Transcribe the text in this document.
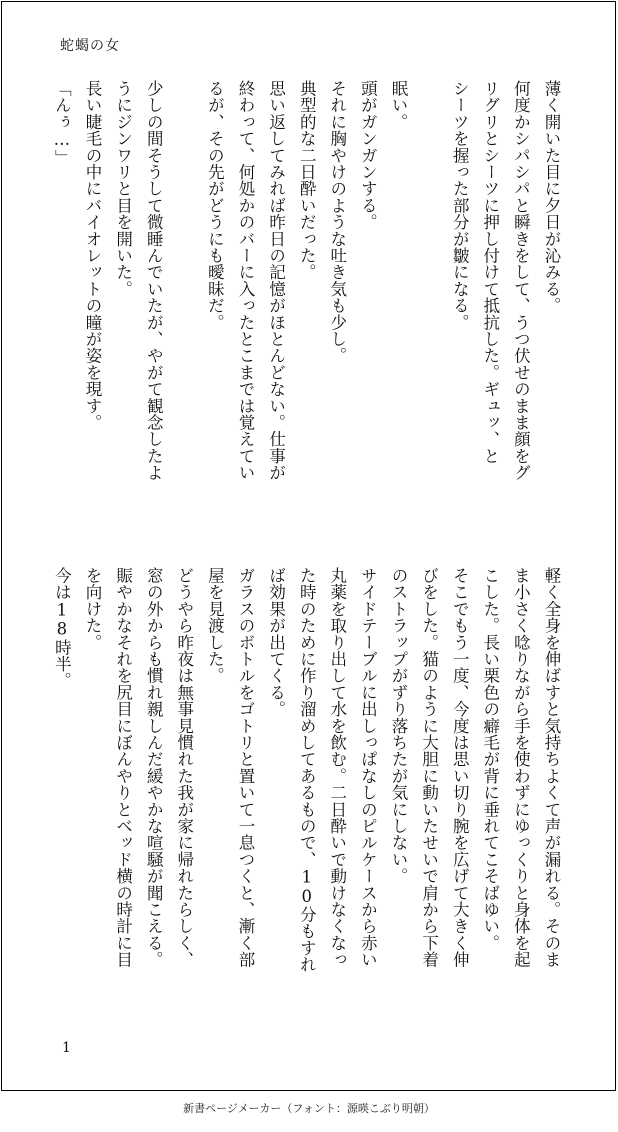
蛇蝎の女
薄く開いた目に夕日が沁みる。
何度かシパシパと瞬きをして、うつ伏せのまま顔をグ
リグリとシーツに押し付けて抵抗した。ギュッ、と
シーツを握った部分が皺になる。
眠い。
頭がガンガンする。
それに胸やけのような吐き気も少し。
典型的な二日酔いだった。
思い返してみれば昨日の記憶がほとんどない。仕事が
終わって、何処かのバーに入ったとこまでは覚えてい
るが、その先がどうにも曖昧だ。
少しの間そうして微睡んでいたが、やがて観念したよ
うにジンワリと目を開いた。
長い睫毛の中にバイオレットの瞳が姿を現す。
「んぅ…」
軽く全身を伸ばすと気持ちよくて声が漏れる。そのま
ま小さく唸りながら手を使わずにゆっくりと身体を起
こした。長い栗色の癖毛が背に垂れてこそばゆい。
そこでもう一度、今度は思い切り腕を広げて大きく伸
びをした。猫のように大胆に動いたせいで肩から下着
のストラップがずり落ちたが気にしない。
サイドテーブルに出しっぱなしのピルケースから赤い
丸薬を取り出して水を飲む。二日酔いで動けなくなっ
た時のために作り溜めしてあるもので、10分もすれ
ば効果が出てくる。
ガラスのボトルをゴトリと置いて一息つくと、漸く部
屋を見渡した。
どうやら昨夜は無事見慣れた我が家に帰れたらしく、
窓の外からも慣れ親しんだ緩やかな喧騒が聞こえる。
賑やかなそれを尻目にぼんやりとベッド横の時計に目
を向けた。
今は18時半。
1
新書ページメーカー（フォント：源暎こぶり明朝）
